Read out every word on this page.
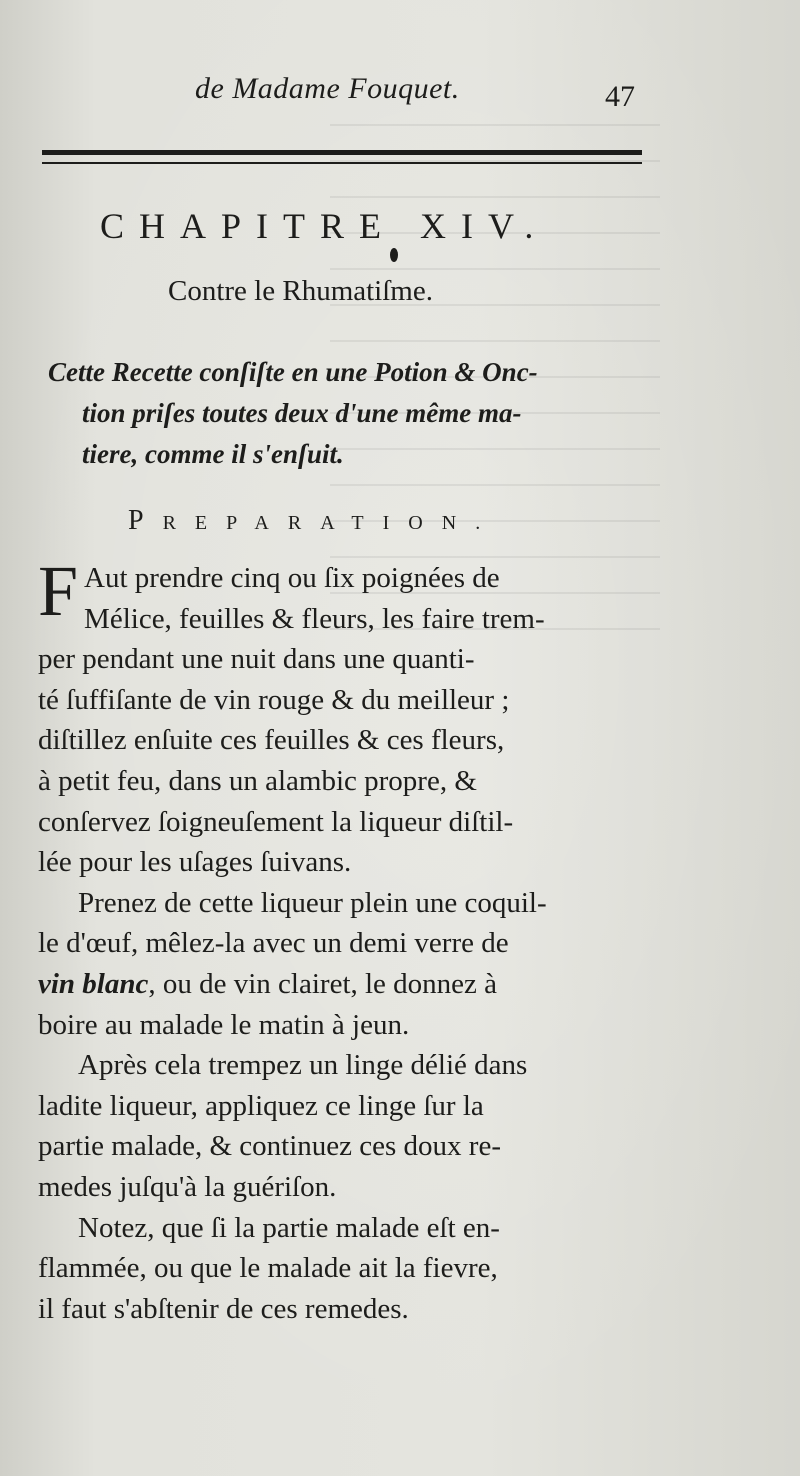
de Madame Fouquet.	47
CHAPITRE XIV.
Contre le Rhumatiſme.
Cette Recette conſiſte en une Potion & Onc-
tion priſes toutes deux d'une même ma-
tiere, comme il s'enſuit.
PREPARATION.
F Aut prendre cinq ou ſix poignées de
Mélice, feuilles & fleurs, les faire trem-
per pendant une nuit dans une quanti-
té ſuffiſante de vin rouge & du meilleur ;
diſtillez enſuite ces feuilles & ces fleurs,
à petit feu, dans un alambic propre, &
conſervez ſoigneuſement la liqueur diſtil-
lée pour les uſages ſuivans.
Prenez de cette liqueur plein une coquil-
le d'œuf, mêlez-la avec un demi verre de
vin blanc, ou de vin clairet, le donnez à
boire au malade le matin à jeun.
Après cela trempez un linge délié dans
ladite liqueur, appliquez ce linge ſur la
partie malade, & continuez ces doux re-
medes juſqu'à la guériſon.
Notez, que ſi la partie malade eſt en-
flammée, ou que le malade ait la fievre,
il faut s'abſtenir de ces remedes.
